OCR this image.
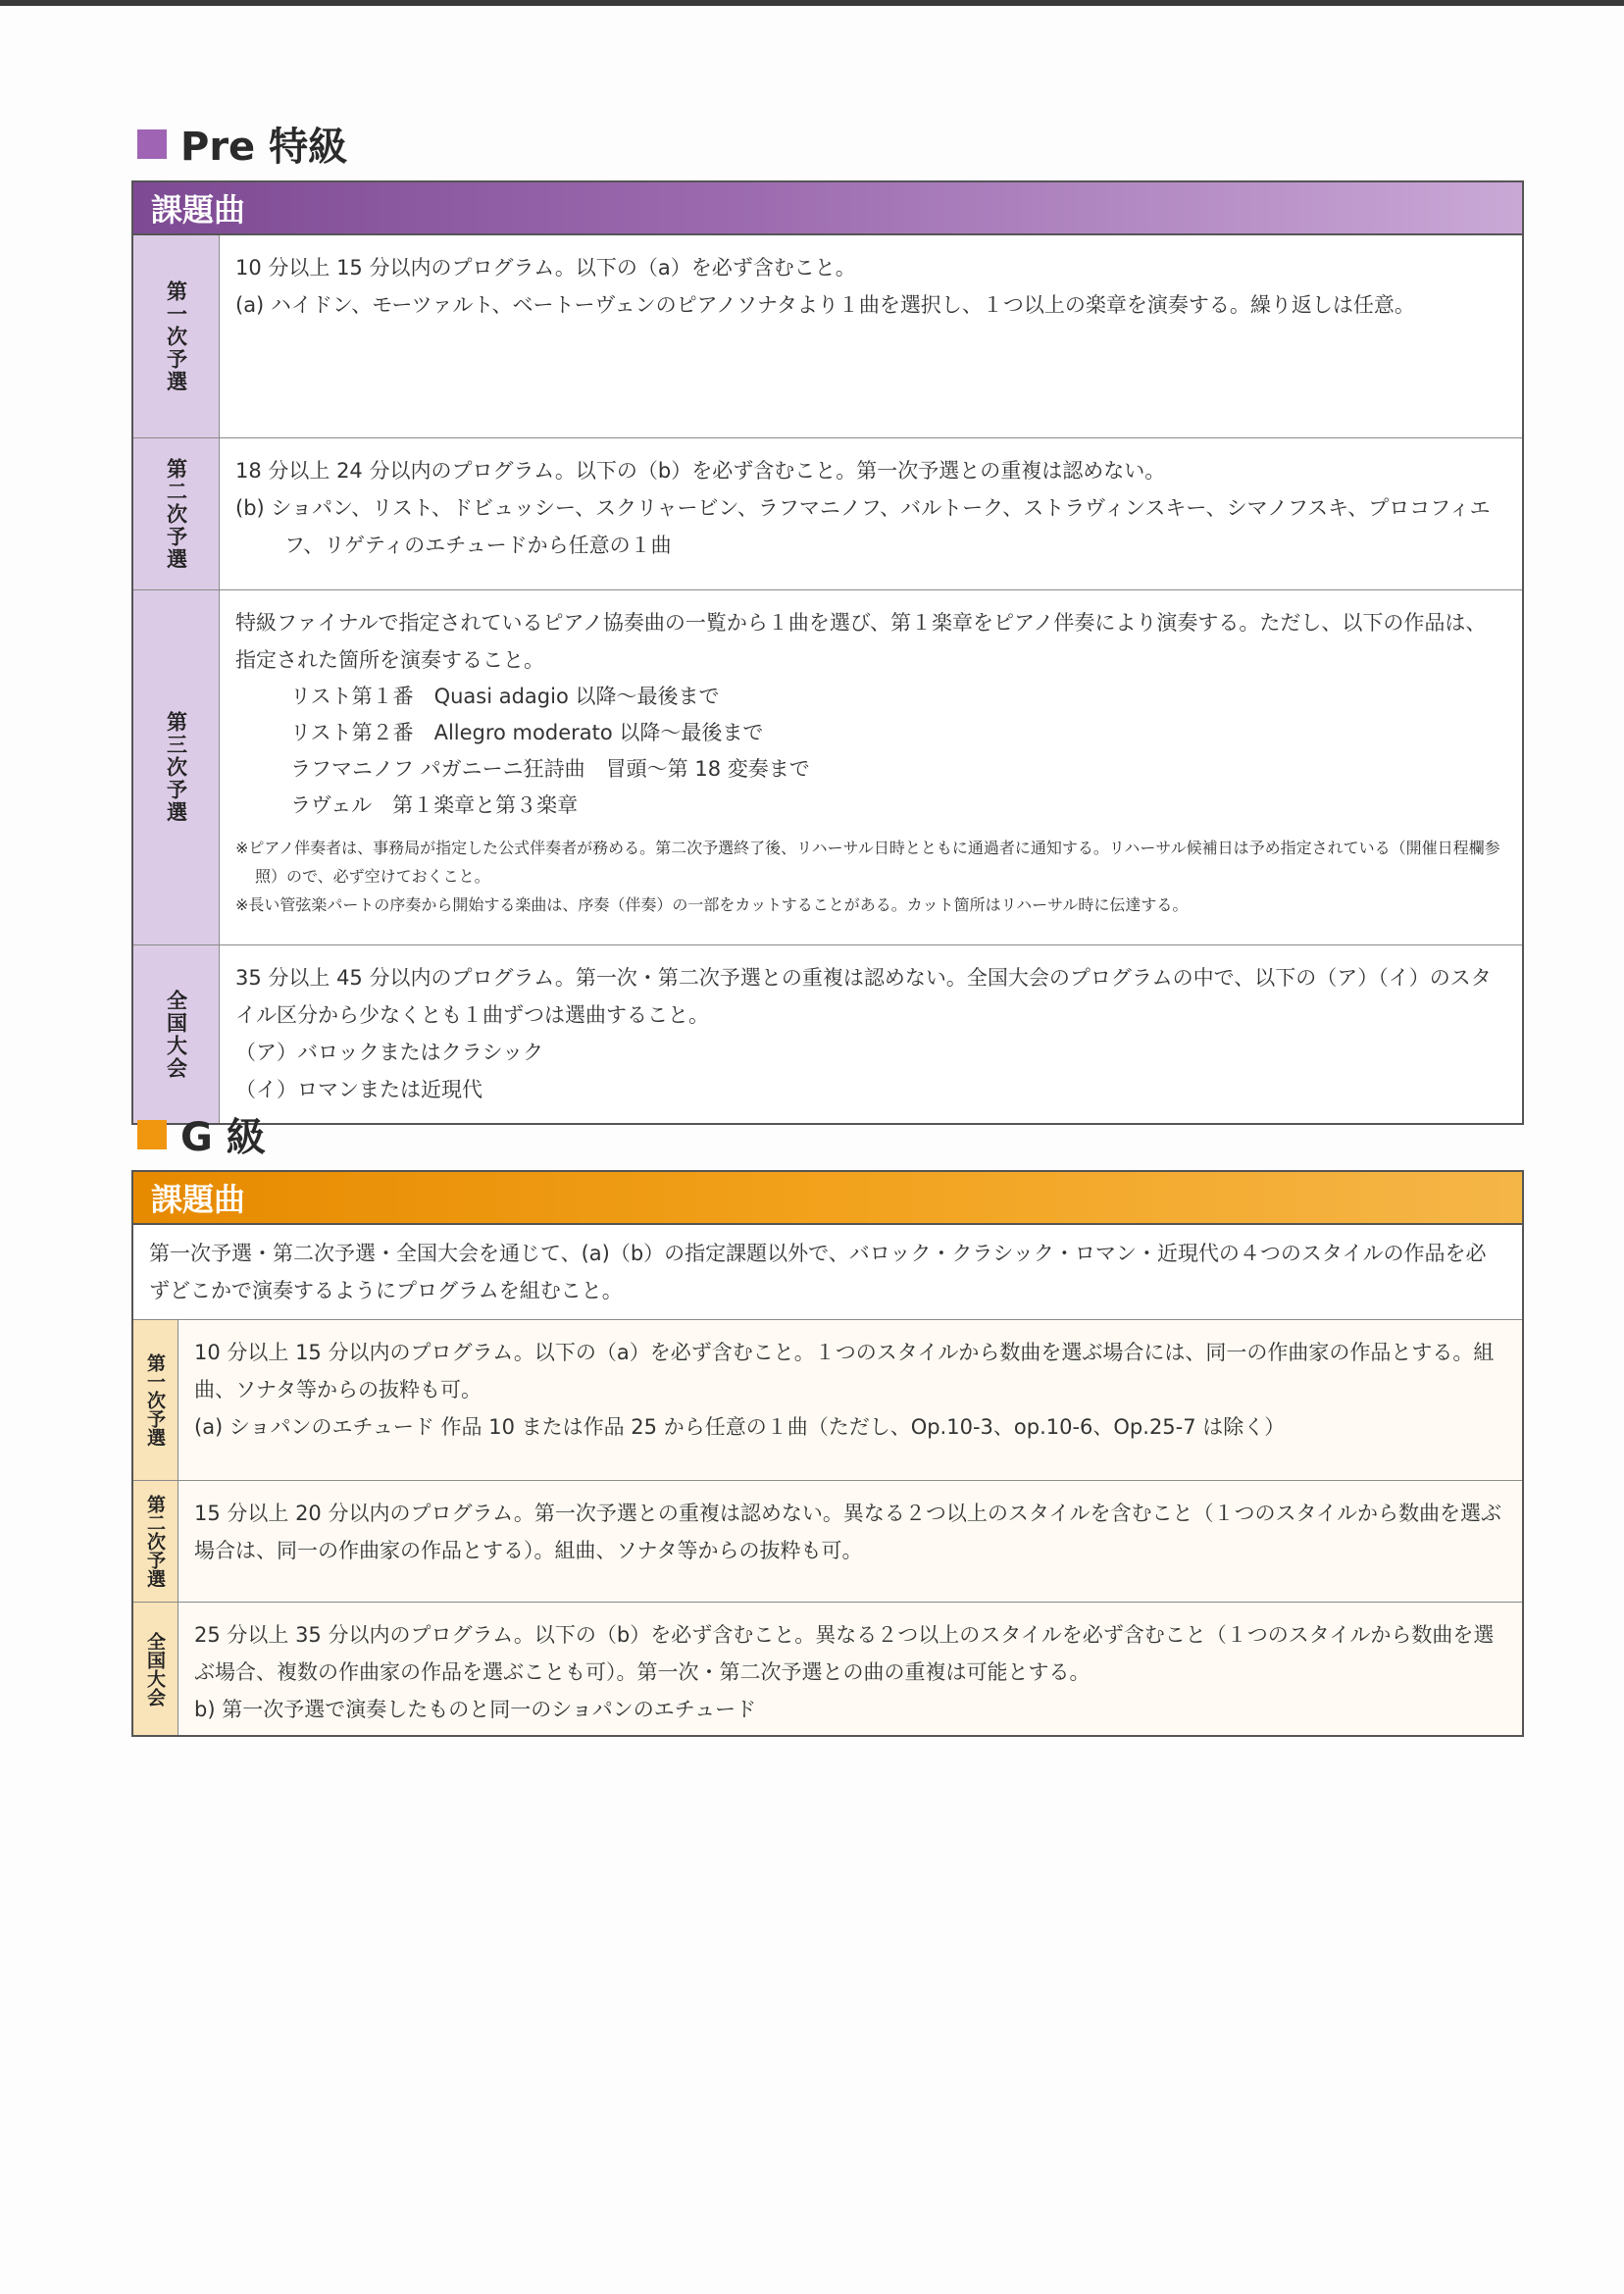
Pre 特級
課題曲
第一次予選

10 分以上 15 分以内のプログラム。以下の（a）を必ず含むこと。

(a) ハイドン、モーツァルト、ベートーヴェンのピアノソナタより１曲を選択し、１つ以上の楽章を演奏する。繰り返しは任意。

第二次予選 18 分以上 24 分以内のプログラム。以下の（b）を必ず含むこと。第一次予選との重複は認めない。

(b) ショパン、リスト、ドビュッシー、スクリャービン、ラフマニノフ、バルトーク、ストラヴィンスキー、シマノフスキ、プロコフィエフ、リゲティのエチュードから任意の１曲

第三次予選

特級ファイナルで指定されているピアノ協奏曲の一覧から１曲を選び、第１楽章をピアノ伴奏により演奏する。ただし、以下の作品は、指定された箇所を演奏すること。

リスト第１番　Quasi adagio 以降～最後まで

リスト第２番　Allegro moderato 以降～最後まで

ラフマニノフ パガニーニ狂詩曲　冒頭～第 18 変奏まで

ラヴェル　第１楽章と第３楽章

※ピアノ伴奏者は、事務局が指定した公式伴奏者が務める。第二次予選終了後、リハーサル日時とともに通過者に通知する。リハーサル候補日は予め指定されている（開催日程欄参照）ので、必ず空けておくこと。

※長い管弦楽パートの序奏から開始する楽曲は、序奏（伴奏）の一部をカットすることがある。カット箇所はリハーサル時に伝達する。

全国大会

35 分以上 45 分以内のプログラム。第一次・第二次予選との重複は認めない。全国大会のプログラムの中で、以下の（ア）（イ）のスタイル区分から少なくとも１曲ずつは選曲すること。

（ア）バロックまたはクラシック

（イ）ロマンまたは近現代

G 級
課題曲
第一次予選・第二次予選・全国大会を通じて、(a)（b）の指定課題以外で、バロック・クラシック・ロマン・近現代の４つのスタイルの作品を必ずどこかで演奏するようにプログラムを組むこと。
第一次予選

10 分以上 15 分以内のプログラム。以下の（a）を必ず含むこと。１つのスタイルから数曲を選ぶ場合には、同一の作曲家の作品とする。組曲、ソナタ等からの抜粋も可。

(a) ショパンのエチュード 作品 10 または作品 25 から任意の１曲（ただし、Op.10-3、op.10-6、Op.25-7 は除く）

第二次予選 15 分以上 20 分以内のプログラム。第一次予選との重複は認めない。異なる２つ以上のスタイルを含むこと（１つのスタイルから数曲を選ぶ場合は、同一の作曲家の作品とする）。組曲、ソナタ等からの抜粋も可。

全国大会 25 分以上 35 分以内のプログラム。以下の（b）を必ず含むこと。異なる２つ以上のスタイルを必ず含むこと（１つのスタイルから数曲を選ぶ場合、複数の作曲家の作品を選ぶことも可）。第一次・第二次予選との曲の重複は可能とする。

b) 第一次予選で演奏したものと同一のショパンのエチュード
